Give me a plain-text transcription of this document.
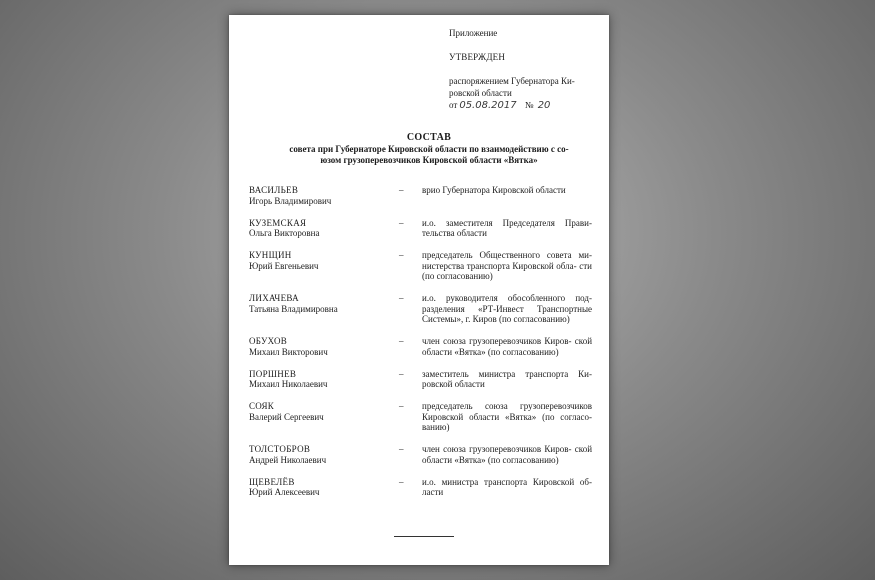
Приложение
УТВЕРЖДЕН
распоряжением Губернатора Ки-
ровской области
от 05.08.2017 № 20
СОСТАВ
совета при Губернаторе Кировской области по взаимодействию с со-
юзом грузоперевозчиков Кировской области «Вятка»
ВАСИЛЬЕВ
Игорь Владимирович
– врио Губернатора Кировской области
КУЗЕМСКАЯ
Ольга Викторовна
– и.о. заместителя Председателя Прави- тельства области
КУНЩИН
Юрий Евгеньевич
– председатель Общественного совета ми- нистерства транспорта Кировской обла- сти (по согласованию)
ЛИХАЧЕВА
Татьяна Владимировна
– и.о. руководителя обособленного под- разделения «РТ-Инвест Транспортные Системы», г. Киров (по согласованию)
ОБУХОВ
Михаил Викторович
– член союза грузоперевозчиков Киров- ской области «Вятка» (по согласованию)
ПОРШНЕВ
Михаил Николаевич
– заместитель министра транспорта Ки- ровской области
СОЯК
Валерий Сергеевич
– председатель союза грузоперевозчиков Кировской области «Вятка» (по согласо- ванию)
ТОЛСТОБРОВ
Андрей Николаевич
– член союза грузоперевозчиков Киров- ской области «Вятка» (по согласованию)
ЩЕВЕЛЁВ
Юрий Алексеевич
– и.о. министра транспорта Кировской об- ласти
